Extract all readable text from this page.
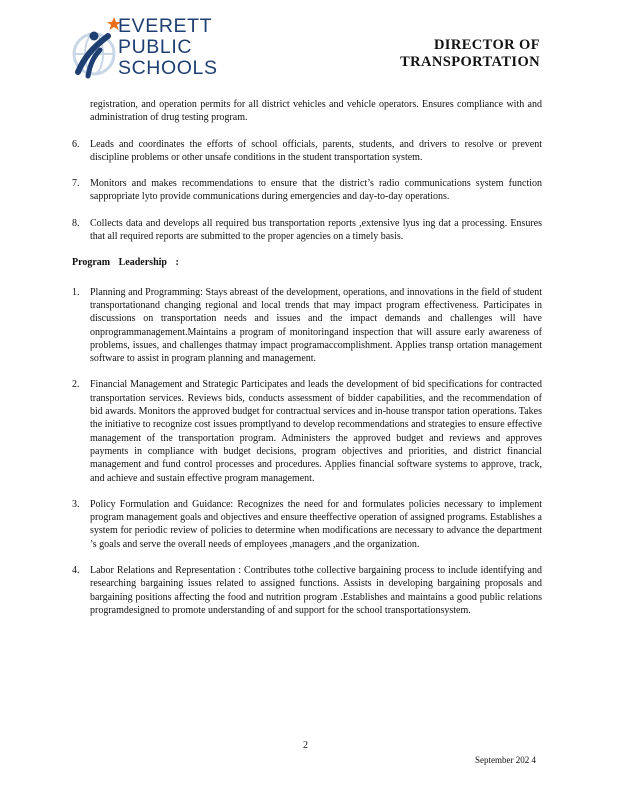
EVERETT
PUBLIC
SCHOOLS
DIRECTOR OF
TRANSPORTATION
registration, and operation permits for all district vehicles and vehicle operators. Ensures compliance with and administration of drug testing program.
6.	Leads and coordinates the efforts of school officials, parents, students, and drivers to resolve or prevent discipline problems or other unsafe conditions in the student transportation system.
7.	Monitors and makes recommendations to ensure that the district’s radio communications system function sappropriate lyto provide communications during emergencies and day-to-day operations.
8.	Collects data and develops all required bus transportation reports ,extensive lyus ing dat a processing. Ensures that all required reports are submitted to the proper agencies on a timely basis.
Program Leadership :
1.	Planning and Programming: Stays abreast of the development, operations, and innovations in the field of student transportationand changing regional and local trends that may impact program effectiveness. Participates in discussions on transportation needs and issues and the impact demands and challenges will have onprogrammanagement.Maintains a program of monitoringand inspection that will assure early awareness of problems, issues, and challenges thatmay impact programaccomplishment. Applies transp ortation management software to assist in program planning and management.
2.	Financial Management and Strategic Participates and leads the development of bid specifications for contracted transportation services. Reviews bids, conducts assessment of bidder capabilities, and the recommendation of bid awards. Monitors the approved budget for contractual services and in-house transpor tation operations. Takes the initiative to recognize cost issues promptlyand to develop recommendations and strategies to ensure effective management of the transportation program. Administers the approved budget and reviews and approves payments in compliance with budget decisions, program objectives and priorities, and district financial management and fund control processes and procedures. Applies financial software systems to approve, track, and achieve and sustain effective program management.
3.	Policy Formulation and Guidance: Recognizes the need for and formulates policies necessary to implement program management goals and objectives and ensure theeffective operation of assigned programs. Establishes a system for periodic review of policies to determine when modifications are necessary to advance the department ’s goals and serve the overall needs of employees ,managers ,and the organization.
4.	Labor Relations and Representation : Contributes tothe collective bargaining process to include identifying and researching bargaining issues related to assigned functions. Assists in developing bargaining proposals and bargaining positions affecting the food and nutrition program .Establishes and maintains a good public relations programdesigned to promote understanding of and support for the school transportationsystem.
2
September 202 4
